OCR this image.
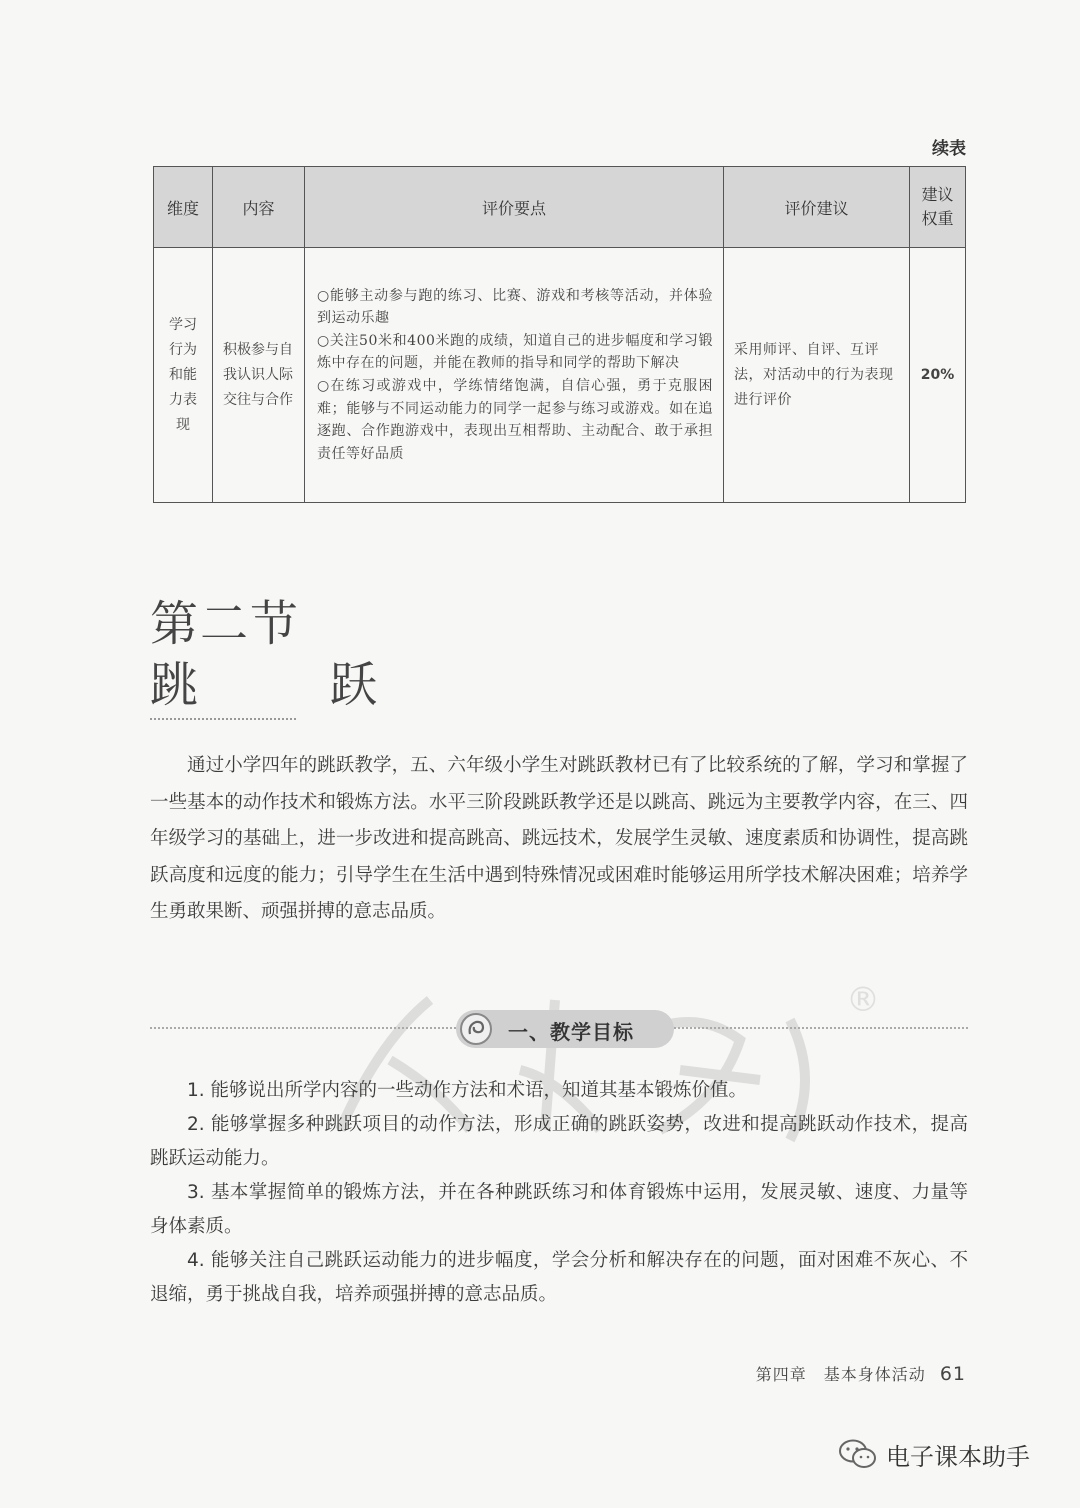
续表
维度	内容	评价要点	评价建议	建议
权重
学习行为和能力表现	积极参与自我认识人际交往与合作	○能够主动参与跑的练习、比赛、游戏和考核等活动，并体验到运动乐趣

○关注50米和400米跑的成绩，知道自己的进步幅度和学习锻炼中存在的问题，并能在教师的指导和同学的帮助下解决

○在练习或游戏中，学练情绪饱满，自信心强，勇于克服困难；能够与不同运动能力的同学一起参与练习或游戏。如在追逐跑、合作跑游戏中，表现出互相帮助、主动配合、敢于承担责任等好品质	采用师评、自评、互评法，对活动中的行为表现进行评价	20%
第二节
跳 跃

通过小学四年的跳跃教学，五、六年级小学生对跳跃教材已有了比较系统的了解，学习和掌握了一些基本的动作技术和锻炼方法。水平三阶段跳跃教学还是以跳高、跳远为主要教学内容，在三、四年级学习的基础上，进一步改进和提高跳高、跳远技术，发展学生灵敏、速度素质和协调性，提高跳跃高度和远度的能力；引导学生在生活中遇到特殊情况或困难时能够运用所学技术解决困难；培养学生勇敢果断、顽强拼搏的意志品质。

®
一、教学目标
1. 能够说出所学内容的一些动作方法和术语，知道其基本锻炼价值。
2. 能够掌握多种跳跃项目的动作方法，形成正确的跳跃姿势，改进和提高跳跃动作技术，提高跳跃运动能力。
3. 基本掌握简单的锻炼方法，并在各种跳跃练习和体育锻炼中运用，发展灵敏、速度、力量等身体素质。
4. 能够关注自己跳跃运动能力的进步幅度，学会分析和解决存在的问题，面对困难不灰心、不退缩，勇于挑战自我，培养顽强拼搏的意志品质。
第四章　基本身体活动 61
电子课本助手
